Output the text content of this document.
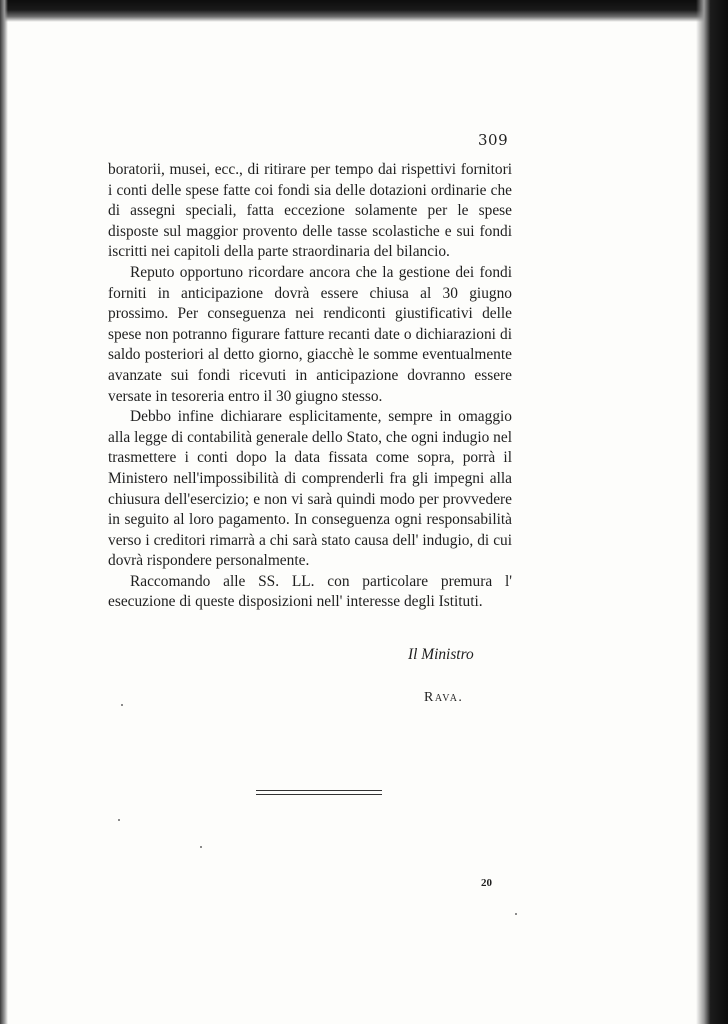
309

boratorii, musei, ecc., di ritirare per tempo dai rispettivi fornitori i conti delle spese fatte coi fondi sia delle dotazioni ordinarie che di assegni speciali, fatta eccezione solamente per le spese disposte sul maggior provento delle tasse scolastiche e sui fondi iscritti nei capitoli della parte straordinaria del bilancio.

Reputo opportuno ricordare ancora che la gestione dei fondi forniti in anticipazione dovrà essere chiusa al 30 giugno prossimo. Per conseguenza nei rendiconti giustificativi delle spese non potranno figurare fatture recanti date o dichiarazioni di saldo posteriori al detto giorno, giacchè le somme eventualmente avanzate sui fondi ricevuti in anticipazione dovranno essere versate in tesoreria entro il 30 giugno stesso.

Debbo infine dichiarare esplicitamente, sempre in omaggio alla legge di contabilità generale dello Stato, che ogni indugio nel trasmettere i conti dopo la data fissata come sopra, porrà il Ministero nell'impossibilità di comprenderli fra gli impegni alla chiusura dell'esercizio; e non vi sarà quindi modo per provvedere in seguito al loro pagamento. In conseguenza ogni responsabilità verso i creditori rimarrà a chi sarà stato causa dell' indugio, di cui dovrà rispondere personalmente.

Raccomando alle SS. LL. con particolare premura l' esecuzione di queste disposizioni nell' interesse degli Istituti.

Il Ministro
Rava.
20
